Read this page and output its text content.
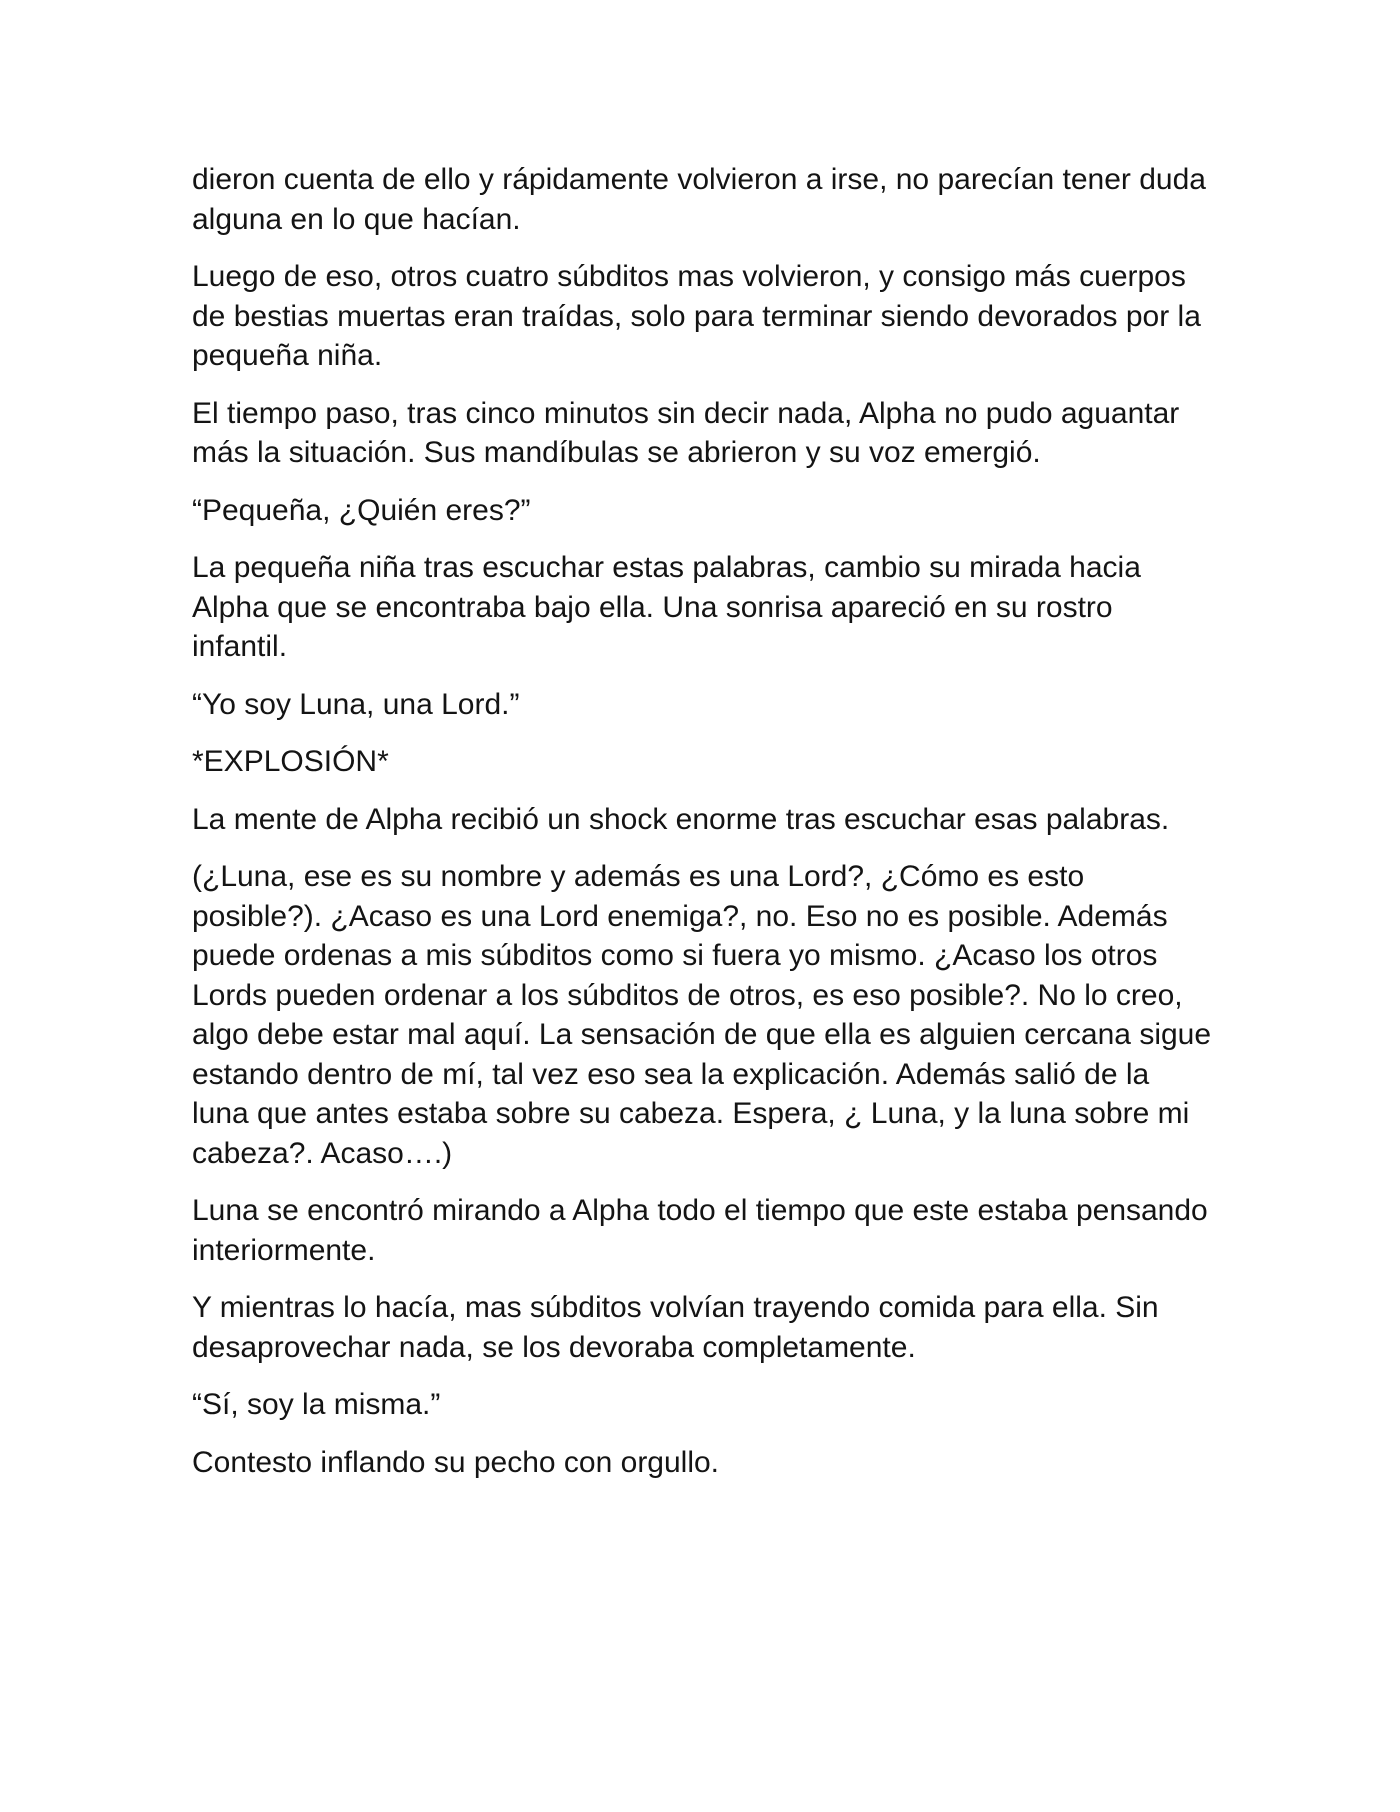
dieron cuenta de ello y rápidamente volvieron a irse, no parecían tener duda alguna en lo que hacían.

Luego de eso, otros cuatro súbditos mas volvieron, y consigo más cuerpos de bestias muertas eran traídas, solo para terminar siendo devorados por la pequeña niña.

El tiempo paso, tras cinco minutos sin decir nada, Alpha no pudo aguantar más la situación. Sus mandíbulas se abrieron y su voz emergió.

“Pequeña, ¿Quién eres?”

La pequeña niña tras escuchar estas palabras, cambio su mirada hacia Alpha que se encontraba bajo ella. Una sonrisa apareció en su rostro infantil.

“Yo soy Luna, una Lord.”

*EXPLOSIÓN*

La mente de Alpha recibió un shock enorme tras escuchar esas palabras.

(¿Luna, ese es su nombre y además es una Lord?, ¿Cómo es esto posible?). ¿Acaso es una Lord enemiga?, no. Eso no es posible. Además puede ordenas a mis súbditos como si fuera yo mismo. ¿Acaso los otros Lords pueden ordenar a los súbditos de otros, es eso posible?. No lo creo, algo debe estar mal aquí. La sensación de que ella es alguien cercana sigue estando dentro de mí, tal vez eso sea la explicación. Además salió de la luna que antes estaba sobre su cabeza. Espera, ¿ Luna, y la luna sobre mi cabeza?. Acaso….)

Luna se encontró mirando a Alpha todo el tiempo que este estaba pensando interiormente.

Y mientras lo hacía, mas súbditos volvían trayendo comida para ella. Sin desaprovechar nada, se los devoraba completamente.

“Sí, soy la misma.”

Contesto inflando su pecho con orgullo.
